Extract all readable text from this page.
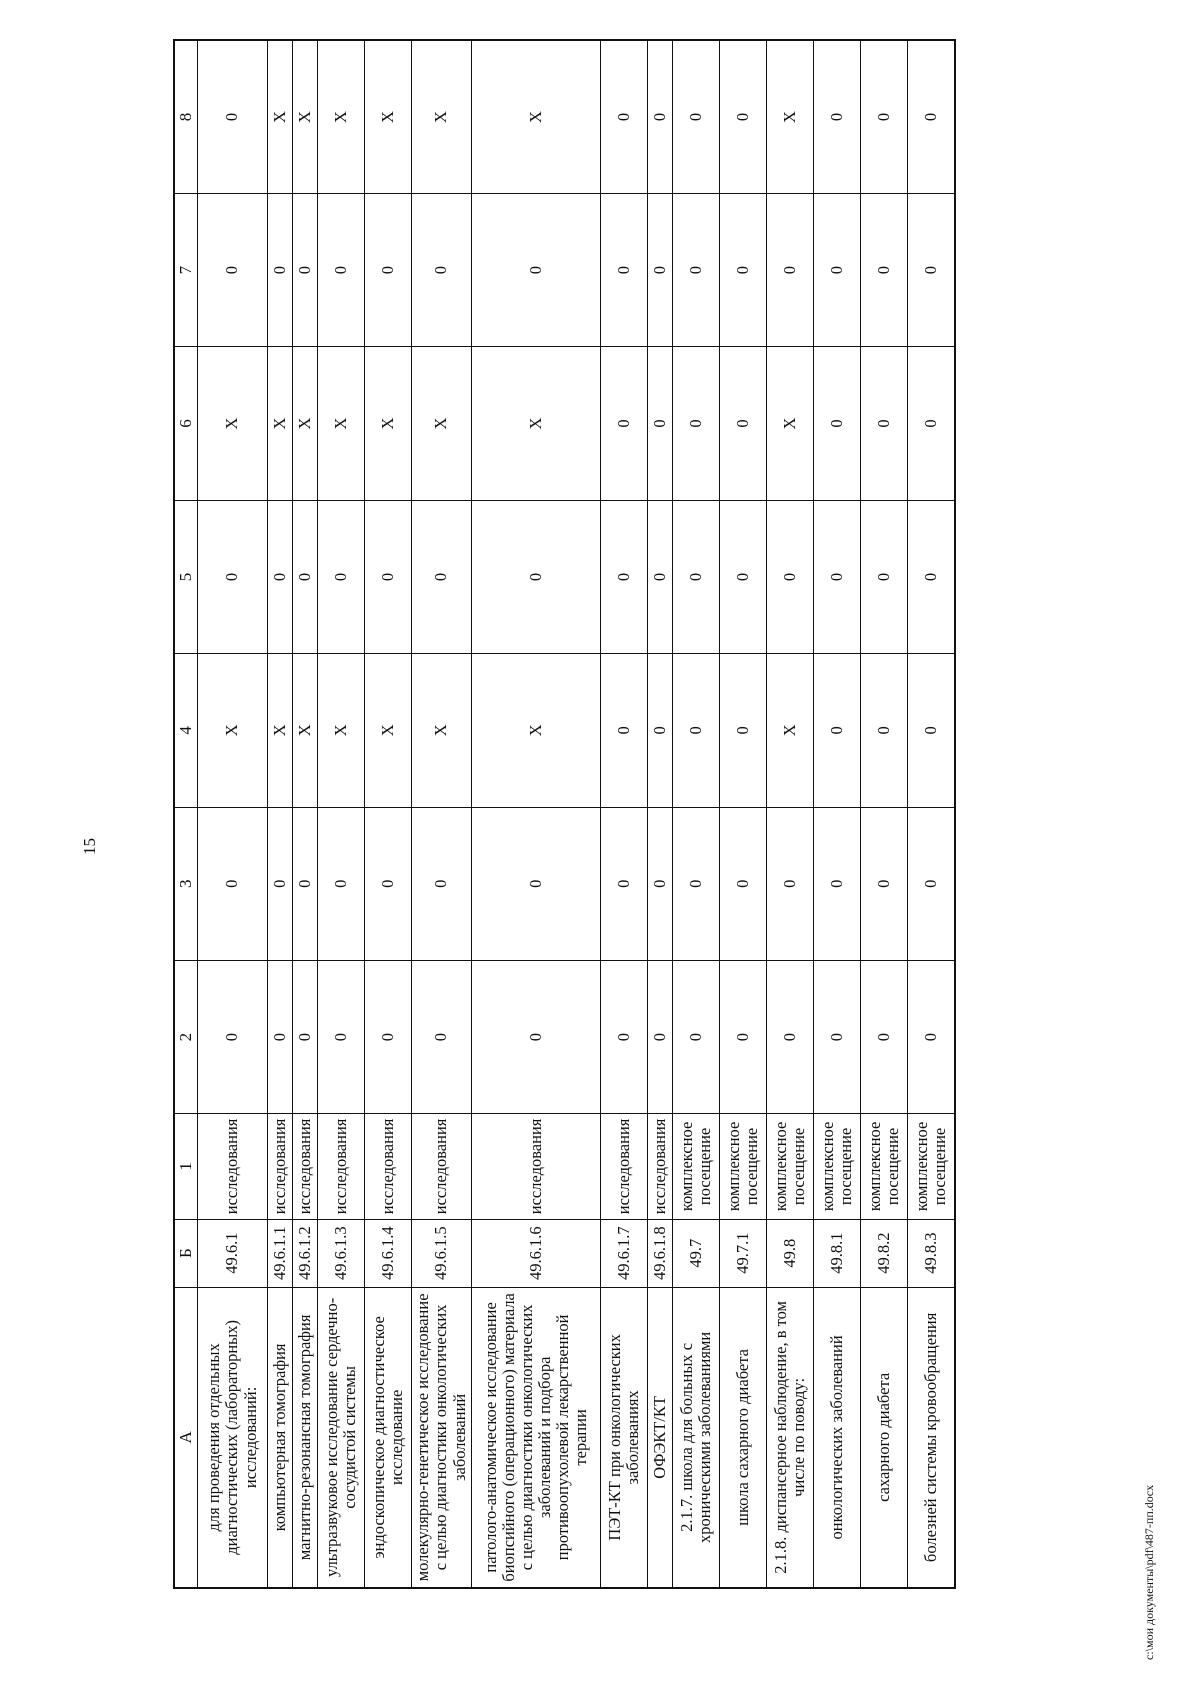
15
А	Б	1	2	3	4	5	6	7	8
для проведения отдельных диагностических (лабораторных) исследований:	49.6.1	исследования	0	0	X	0	X	0	0
компьютерная томография	49.6.1.1	исследования	0	0	X	0	X	0	X
магнитно-резонансная томография	49.6.1.2	исследования	0	0	X	0	X	0	X
ультразвуковое исследование сердечно-сосудистой системы	49.6.1.3	исследования	0	0	X	0	X	0	X
эндоскопическое диагностическое исследование	49.6.1.4	исследования	0	0	X	0	X	0	X
молекулярно-генетическое исследование с целью диагностики онкологических заболеваний	49.6.1.5	исследования	0	0	X	0	X	0	X
патолого-анатомическое исследование биопсийного (операционного) материала с целью диагностики онкологических заболеваний и подбора противоопухолевой лекарственной терапии	49.6.1.6	исследования	0	0	X	0	X	0	X
ПЭТ-КТ при онкологических заболеваниях	49.6.1.7	исследования	0	0	0	0	0	0	0
ОФЭКТ/КТ	49.6.1.8	исследования	0	0	0	0	0	0	0
2.1.7. школа для больных с хроническими заболеваниями	49.7	комплексное посещение	0	0	0	0	0	0	0
школа сахарного диабета	49.7.1	комплексное посещение	0	0	0	0	0	0	0
2.1.8. диспансерное наблюдение, в том числе по поводу:	49.8	комплексное посещение	0	0	X	0	X	0	X
онкологических заболеваний	49.8.1	комплексное посещение	0	0	0	0	0	0	0
сахарного диабета	49.8.2	комплексное посещение	0	0	0	0	0	0	0
болезней системы кровообращения	49.8.3	комплексное посещение	0	0	0	0	0	0	0
c:\мои документы\pdf\487-пп.docx
